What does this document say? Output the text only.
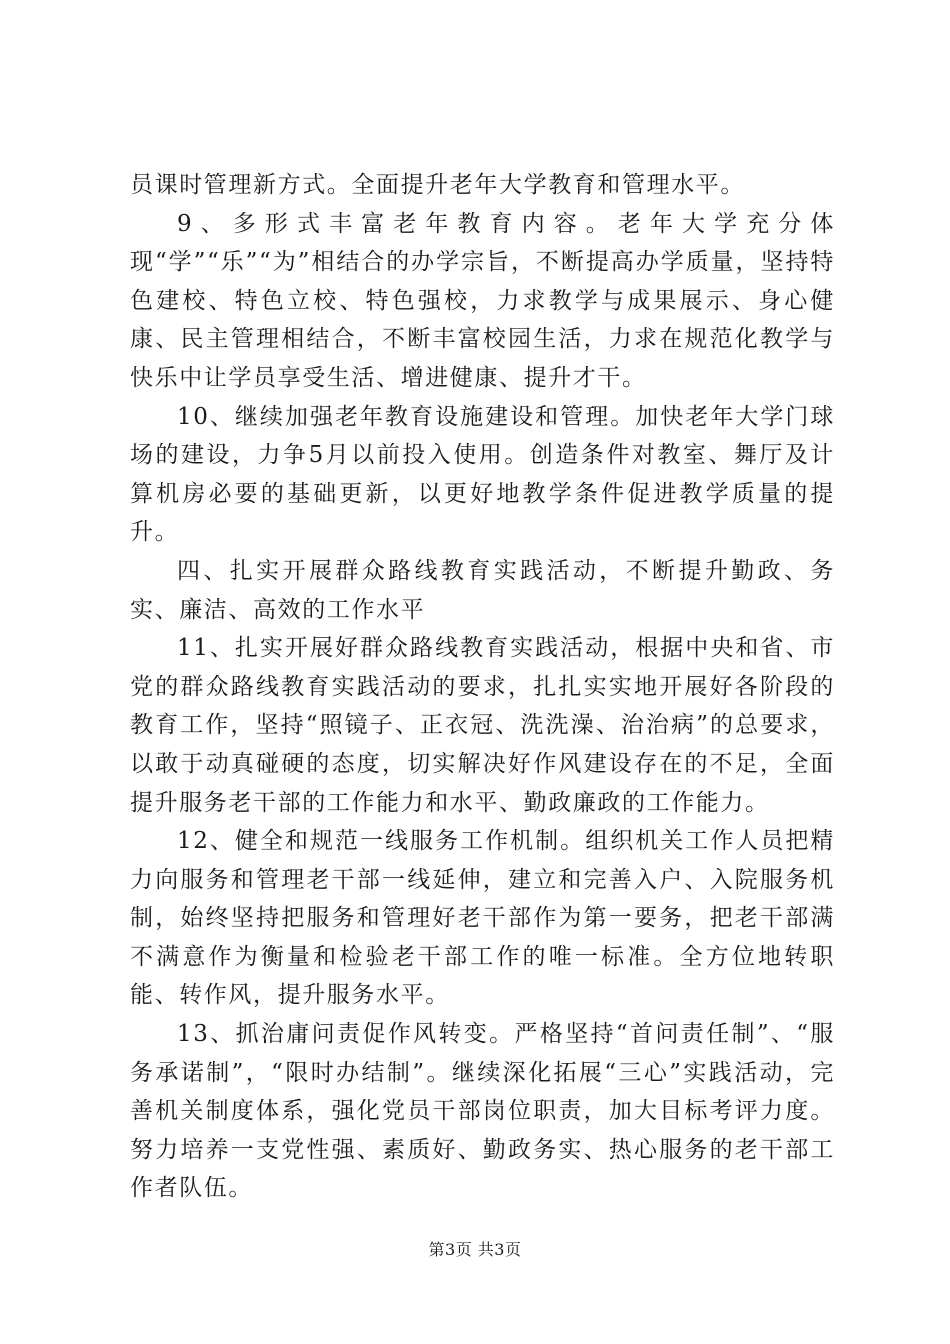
员课时管理新方式。全面提升老年大学教育和管理水平。

9、多形式丰富老年教育内容。老年大学充分体现“学”“乐”“为”相结合的办学宗旨，不断提高办学质量，坚持特色建校、特色立校、特色强校，力求教学与成果展示、身心健康、民主管理相结合，不断丰富校园生活，力求在规范化教学与快乐中让学员享受生活、增进健康、提升才干。

10、继续加强老年教育设施建设和管理。加快老年大学门球场的建设，力争5月以前投入使用。创造条件对教室、舞厅及计算机房必要的基础更新，以更好地教学条件促进教学质量的提升。

四、扎实开展群众路线教育实践活动，不断提升勤政、务实、廉洁、高效的工作水平

11、扎实开展好群众路线教育实践活动，根据中央和省、市党的群众路线教育实践活动的要求，扎扎实实地开展好各阶段的教育工作，坚持“照镜子、正衣冠、洗洗澡、治治病”的总要求，以敢于动真碰硬的态度，切实解决好作风建设存在的不足，全面提升服务老干部的工作能力和水平、勤政廉政的工作能力。

12、健全和规范一线服务工作机制。组织机关工作人员把精力向服务和管理老干部一线延伸，建立和完善入户、入院服务机制，始终坚持把服务和管理好老干部作为第一要务，把老干部满不满意作为衡量和检验老干部工作的唯一标准。全方位地转职能、转作风，提升服务水平。

13、抓治庸问责促作风转变。严格坚持“首问责任制”、“服务承诺制”，“限时办结制”。继续深化拓展“三心”实践活动，完善机关制度体系，强化党员干部岗位职责，加大目标考评力度。努力培养一支党性强、素质好、勤政务实、热心服务的老干部工作者队伍。

第3页 共3页
